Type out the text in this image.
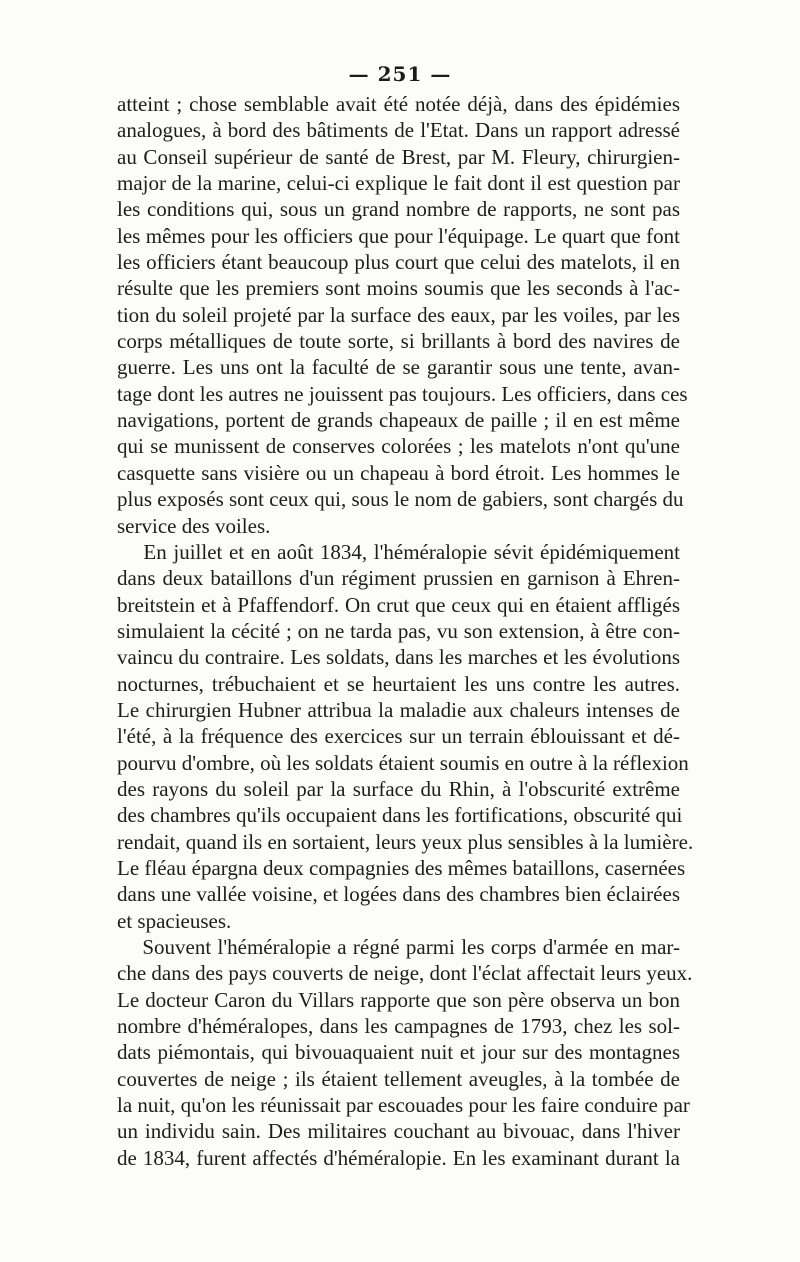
— 251 —
atteint ; chose semblable avait été notée déjà, dans des épidémies
analogues, à bord des bâtiments de l'Etat. Dans un rapport adressé
au Conseil supérieur de santé de Brest, par M. Fleury, chirurgien-
major de la marine, celui-ci explique le fait dont il est question par
les conditions qui, sous un grand nombre de rapports, ne sont pas
les mêmes pour les officiers que pour l'équipage. Le quart que font
les officiers étant beaucoup plus court que celui des matelots, il en
résulte que les premiers sont moins soumis que les seconds à l'ac-
tion du soleil projeté par la surface des eaux, par les voiles, par les
corps métalliques de toute sorte, si brillants à bord des navires de
guerre. Les uns ont la faculté de se garantir sous une tente, avan-
tage dont les autres ne jouissent pas toujours. Les officiers, dans ces
navigations, portent de grands chapeaux de paille ; il en est même
qui se munissent de conserves colorées ; les matelots n'ont qu'une
casquette sans visière ou un chapeau à bord étroit. Les hommes le
plus exposés sont ceux qui, sous le nom de gabiers, sont chargés du
service des voiles.
En juillet et en août 1834, l'héméralopie sévit épidémiquement
dans deux bataillons d'un régiment prussien en garnison à Ehren-
breitstein et à Pfaffendorf. On crut que ceux qui en étaient affligés
simulaient la cécité ; on ne tarda pas, vu son extension, à être con-
vaincu du contraire. Les soldats, dans les marches et les évolutions
nocturnes, trébuchaient et se heurtaient les uns contre les autres.
Le chirurgien Hubner attribua la maladie aux chaleurs intenses de
l'été, à la fréquence des exercices sur un terrain éblouissant et dé-
pourvu d'ombre, où les soldats étaient soumis en outre à la réflexion
des rayons du soleil par la surface du Rhin, à l'obscurité extrême
des chambres qu'ils occupaient dans les fortifications, obscurité qui
rendait, quand ils en sortaient, leurs yeux plus sensibles à la lumière.
Le fléau épargna deux compagnies des mêmes bataillons, casernées
dans une vallée voisine, et logées dans des chambres bien éclairées
et spacieuses.
Souvent l'héméralopie a régné parmi les corps d'armée en mar-
che dans des pays couverts de neige, dont l'éclat affectait leurs yeux.
Le docteur Caron du Villars rapporte que son père observa un bon
nombre d'héméralopes, dans les campagnes de 1793, chez les sol-
dats piémontais, qui bivouaquaient nuit et jour sur des montagnes
couvertes de neige ; ils étaient tellement aveugles, à la tombée de
la nuit, qu'on les réunissait par escouades pour les faire conduire par
un individu sain. Des militaires couchant au bivouac, dans l'hiver
de 1834, furent affectés d'héméralopie. En les examinant durant la
